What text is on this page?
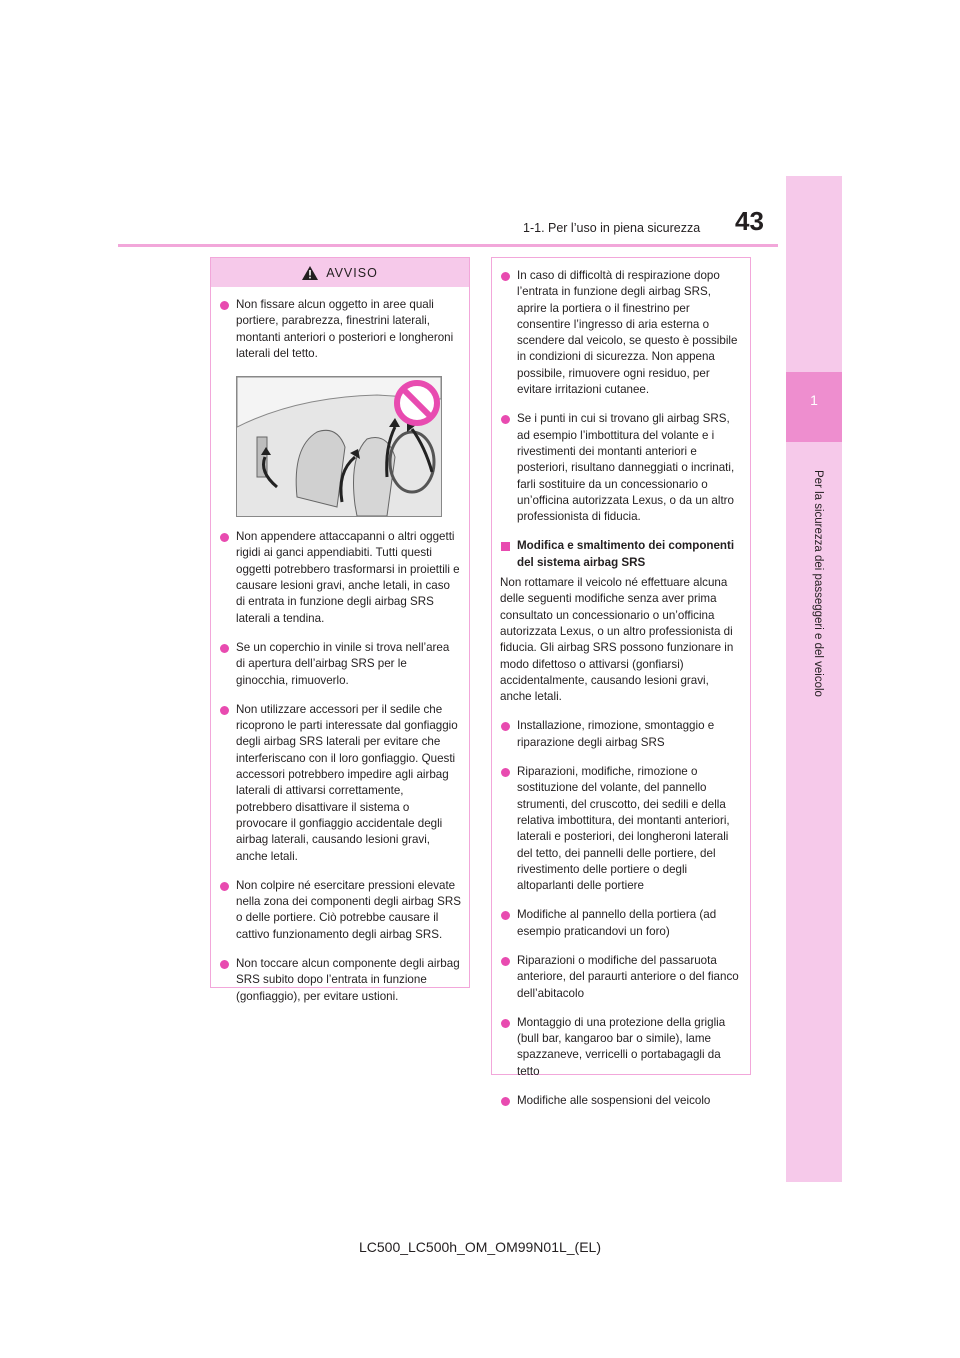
1
Per la sicurezza dei passeggeri e del veicolo
43
1-1. Per l’uso in piena sicurezza
AVVISO
Non fissare alcun oggetto in aree quali portiere, parabrezza, finestrini laterali, montanti anteriori o posteriori e longheroni laterali del tetto.
Non appendere attaccapanni o altri oggetti rigidi ai ganci appendiabiti. Tutti questi oggetti potrebbero trasformarsi in proiettili e causare lesioni gravi, anche letali, in caso di entrata in funzione degli airbag SRS laterali a tendina.
Se un coperchio in vinile si trova nell’area di apertura dell’airbag SRS per le ginocchia, rimuoverlo.
Non utilizzare accessori per il sedile che ricoprono le parti interessate dal gonfiaggio degli airbag SRS laterali per evitare che interferiscano con il loro gonfiaggio. Questi accessori potrebbero impedire agli airbag laterali di attivarsi correttamente, potrebbero disattivare il sistema o provocare il gonfiaggio accidentale degli airbag laterali, causando lesioni gravi, anche letali.
Non colpire né esercitare pressioni elevate nella zona dei componenti degli airbag SRS o delle portiere. Ciò potrebbe causare il cattivo funzionamento degli airbag SRS.
Non toccare alcun componente degli airbag SRS subito dopo l’entrata in funzione (gonfiaggio), per evitare ustioni.
In caso di difficoltà di respirazione dopo l’entrata in funzione degli airbag SRS, aprire la portiera o il finestrino per consentire l’ingresso di aria esterna o scendere dal veicolo, se questo è possibile in condizioni di sicurezza. Non appena possibile, rimuovere ogni residuo, per evitare irritazioni cutanee.
Se i punti in cui si trovano gli airbag SRS, ad esempio l’imbottitura del volante e i rivestimenti dei montanti anteriori e posteriori, risultano danneggiati o incrinati, farli sostituire da un concessionario o un’officina autorizzata Lexus, o da un altro professionista di fiducia.
Modifica e smaltimento dei componenti del sistema airbag SRS
Non rottamare il veicolo né effettuare alcuna delle seguenti modifiche senza aver prima consultato un concessionario o un’officina autorizzata Lexus, o un altro professionista di fiducia. Gli airbag SRS possono funzionare in modo difettoso o attivarsi (gonfiarsi) accidentalmente, causando lesioni gravi, anche letali.
Installazione, rimozione, smontaggio e riparazione degli airbag SRS
Riparazioni, modifiche, rimozione o sostituzione del volante, del pannello strumenti, del cruscotto, dei sedili e della relativa imbottitura, dei montanti anteriori, laterali e posteriori, dei longheroni laterali del tetto, dei pannelli delle portiere, del rivestimento delle portiere o degli altoparlanti delle portiere
Modifiche al pannello della portiera (ad esempio praticandovi un foro)
Riparazioni o modifiche del passaruota anteriore, del paraurti anteriore o del fianco dell’abitacolo
Montaggio di una protezione della griglia (bull bar, kangaroo bar o simile), lame spazzaneve, verricelli o portabagagli da tetto
Modifiche alle sospensioni del veicolo
LC500_LC500h_OM_OM99N01L_(EL)
